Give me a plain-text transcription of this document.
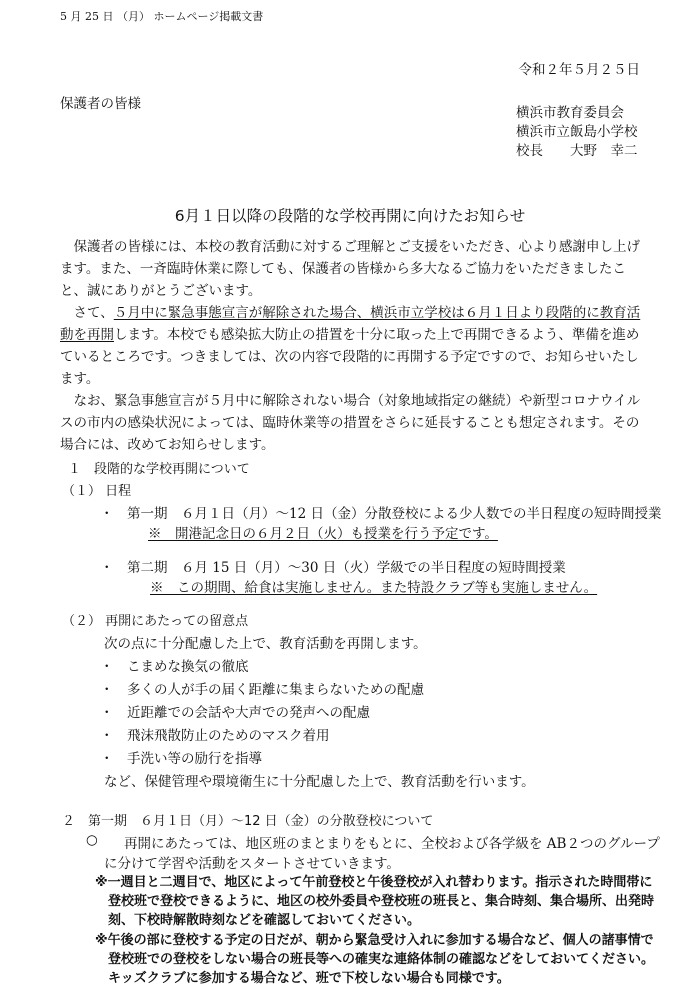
5 月 25 日 （月） ホームページ掲載文書
令和２年５月２５日
保護者の皆様
横浜市教育委員会
横浜市立飯島小学校
校長　　大野　幸二
6月１日以降の段階的な学校再開に向けたお知らせ

保護者の皆様には、本校の教育活動に対するご理解とご支援をいただき、心より感謝申し上げます。また、一斉臨時休業に際しても、保護者の皆様から多大なるご協力をいただきましたこと、誠にありがとうございます。

さて、５月中に緊急事態宣言が解除された場合、横浜市立学校は６月１日より段階的に教育活動を再開します。本校でも感染拡大防止の措置を十分に取った上で再開できるよう、準備を進めているところです。つきましては、次の内容で段階的に再開する予定ですので、お知らせいたします。

なお、緊急事態宣言が５月中に解除されない場合（対象地域指定の継続）や新型コロナウイルスの市内の感染状況によっては、臨時休業等の措置をさらに延長することも想定されます。その場合には、改めてお知らせします。

１　段階的な学校再開について
（１） 日程
・　第一期　６月１日（月）～12 日（金）分散登校による少人数での半日程度の短時間授業
※　開港記念日の６月２日（火）も授業を行う予定です。
・　第二期　６月 15 日（月）～30 日（火）学級での半日程度の短時間授業
※　この期間、給食は実施しません。また特設クラブ等も実施しません。
（２） 再開にあたっての留意点
次の点に十分配慮した上で、教育活動を再開します。
・　こまめな換気の徹底
・　多くの人が手の届く距離に集まらないための配慮
・　近距離での会話や大声での発声への配慮
・　飛沫飛散防止のためのマスク着用
・　手洗い等の励行を指導
など、保健管理や環境衛生に十分配慮した上で、教育活動を行います。
２　第一期　６月１日（月）～12 日（金）の分散登校について
○ 再開にあたっては、地区班のまとまりをもとに、全校および各学級を AB２つのグループ
に分けて学習や活動をスタートさせていきます。

※一週目と二週目で、地区によって午前登校と午後登校が入れ替わります。指示された時間帯に登校班で登校できるように、地区の校外委員や登校班の班長と、集合時刻、集合場所、出発時刻、下校時解散時刻などを確認しておいてください。

※午後の部に登校する予定の日だが、朝から緊急受け入れに参加する場合など、個人の諸事情で登校班での登校をしない場合の班長等への確実な連絡体制の確認などをしておいてください。キッズクラブに参加する場合など、班で下校しない場合も同様です。
